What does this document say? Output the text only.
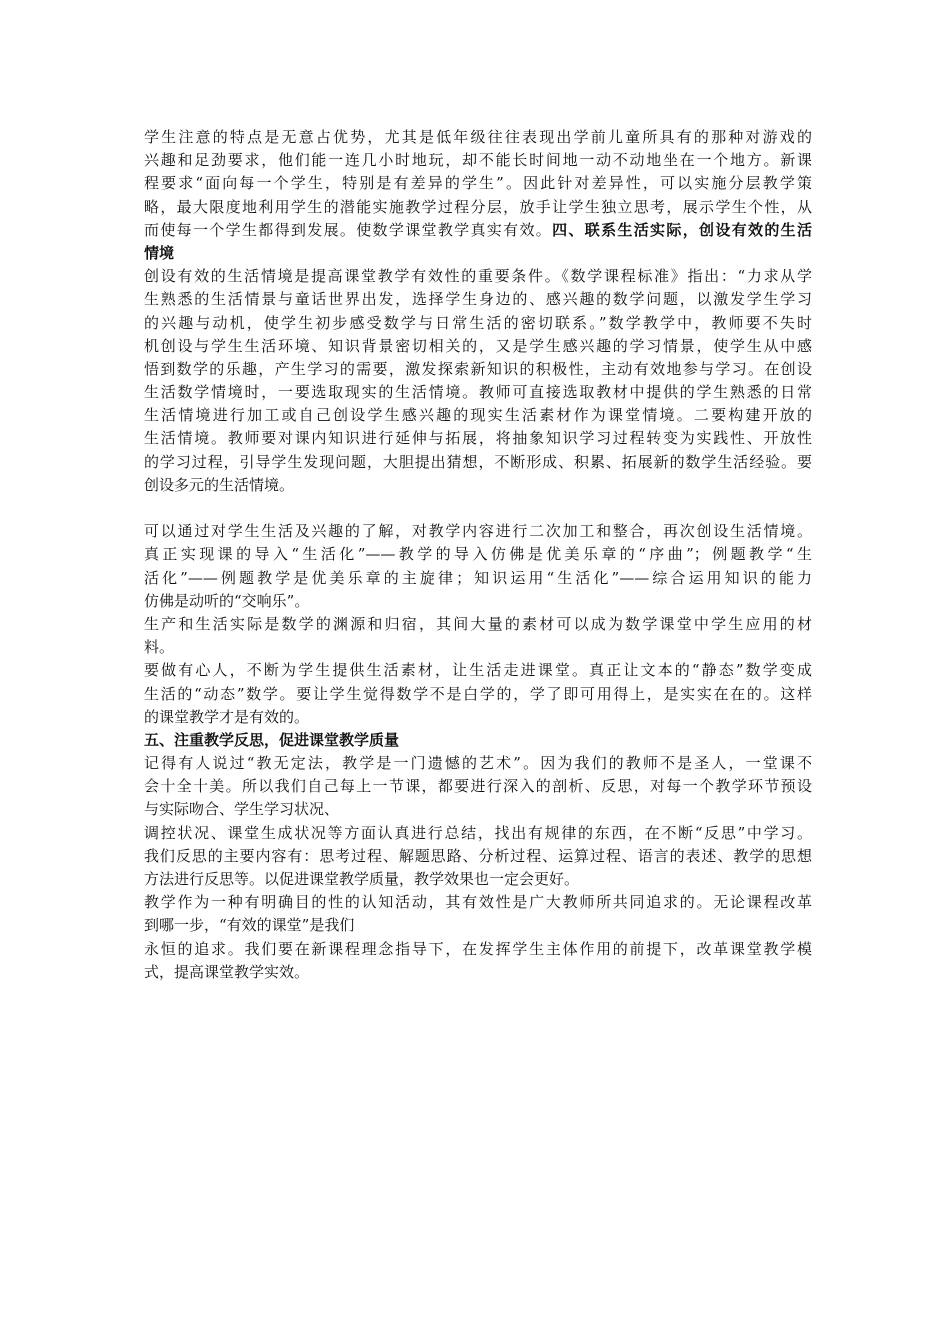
学生注意的特点是无意占优势，尤其是低年级往往表现出学前儿童所具有的那种对游戏的
兴趣和足劲要求，他们能一连几小时地玩，却不能长时间地一动不动地坐在一个地方。新课
程要求“面向每一个学生，特别是有差异的学生”。因此针对差异性，可以实施分层教学策
略，最大限度地利用学生的潜能实施教学过程分层，放手让学生独立思考，展示学生个性，从
而使每一个学生都得到发展。使数学课堂教学真实有效。四、联系生活实际，创设有效的生活
情境
创设有效的生活情境是提高课堂教学有效性的重要条件。《数学课程标准》指出：“力求从学
生熟悉的生活情景与童话世界出发，选择学生身边的、感兴趣的数学问题，以激发学生学习
的兴趣与动机，使学生初步感受数学与日常生活的密切联系。”数学教学中，教师要不失时
机创设与学生生活环境、知识背景密切相关的，又是学生感兴趣的学习情景，使学生从中感
悟到数学的乐趣，产生学习的需要，激发探索新知识的积极性，主动有效地参与学习。在创设
生活数学情境时，一要选取现实的生活情境。教师可直接选取教材中提供的学生熟悉的日常
生活情境进行加工或自己创设学生感兴趣的现实生活素材作为课堂情境。二要构建开放的
生活情境。教师要对课内知识进行延伸与拓展，将抽象知识学习过程转变为实践性、开放性
的学习过程，引导学生发现问题，大胆提出猜想，不断形成、积累、拓展新的数学生活经验。要
创设多元的生活情境。
可以通过对学生生活及兴趣的了解，对教学内容进行二次加工和整合，再次创设生活情境。
真正实现课的导入“生活化”——教学的导入仿佛是优美乐章的“序曲”；例题教学“生
活化”——例题教学是优美乐章的主旋律；知识运用“生活化”——综合运用知识的能力
仿佛是动听的“交响乐”。
生产和生活实际是数学的渊源和归宿，其间大量的素材可以成为数学课堂中学生应用的材
料。
要做有心人，不断为学生提供生活素材，让生活走进课堂。真正让文本的“静态”数学变成
生活的“动态”数学。要让学生觉得数学不是白学的，学了即可用得上，是实实在在的。这样
的课堂教学才是有效的。
五、注重教学反思，促进课堂教学质量
记得有人说过“教无定法，教学是一门遗憾的艺术”。因为我们的教师不是圣人，一堂课不
会十全十美。所以我们自己每上一节课，都要进行深入的剖析、反思，对每一个教学环节预设
与实际吻合、学生学习状况、
调控状况、课堂生成状况等方面认真进行总结，找出有规律的东西，在不断“反思”中学习。
我们反思的主要内容有：思考过程、解题思路、分析过程、运算过程、语言的表述、教学的思想
方法进行反思等。以促进课堂教学质量，教学效果也一定会更好。
教学作为一种有明确目的性的认知活动，其有效性是广大教师所共同追求的。无论课程改革
到哪一步，“有效的课堂”是我们
永恒的追求。我们要在新课程理念指导下，在发挥学生主体作用的前提下，改革课堂教学模
式，提高课堂教学实效。
